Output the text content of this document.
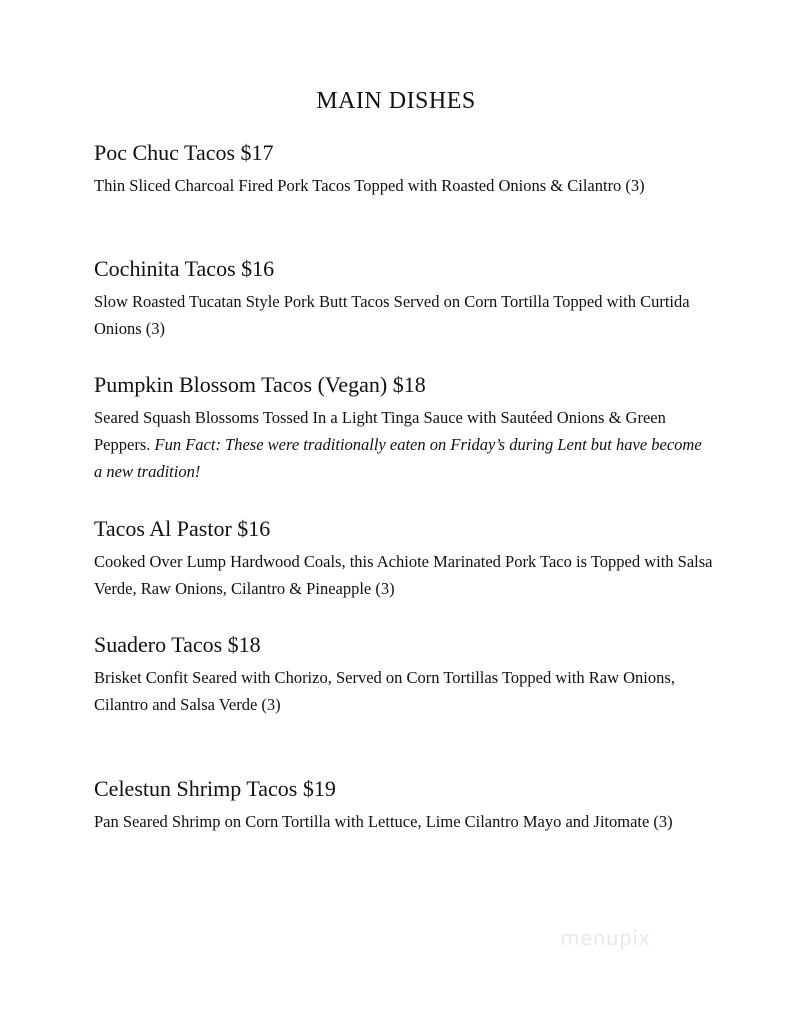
MAIN DISHES

Poc Chuc Tacos $17

Thin Sliced Charcoal Fired Pork Tacos Topped with Roasted Onions & Cilantro (3)

Cochinita Tacos $16

Slow Roasted Tucatan Style Pork Butt Tacos Served on Corn Tortilla Topped with Curtida Onions (3)

Pumpkin Blossom Tacos (Vegan) $18

Seared Squash Blossoms Tossed In a Light Tinga Sauce with Sautéed Onions & Green Peppers. Fun Fact: These were traditionally eaten on Friday’s during Lent but have become a new tradition!

Tacos Al Pastor $16

Cooked Over Lump Hardwood Coals, this Achiote Marinated Pork Taco is Topped with Salsa Verde, Raw Onions, Cilantro & Pineapple (3)

Suadero Tacos $18

Brisket Confit Seared with Chorizo, Served on Corn Tortillas Topped with Raw Onions, Cilantro and Salsa Verde (3)

Celestun Shrimp Tacos $19

Pan Seared Shrimp on Corn Tortilla with Lettuce, Lime Cilantro Mayo and Jitomate (3)

menupix
